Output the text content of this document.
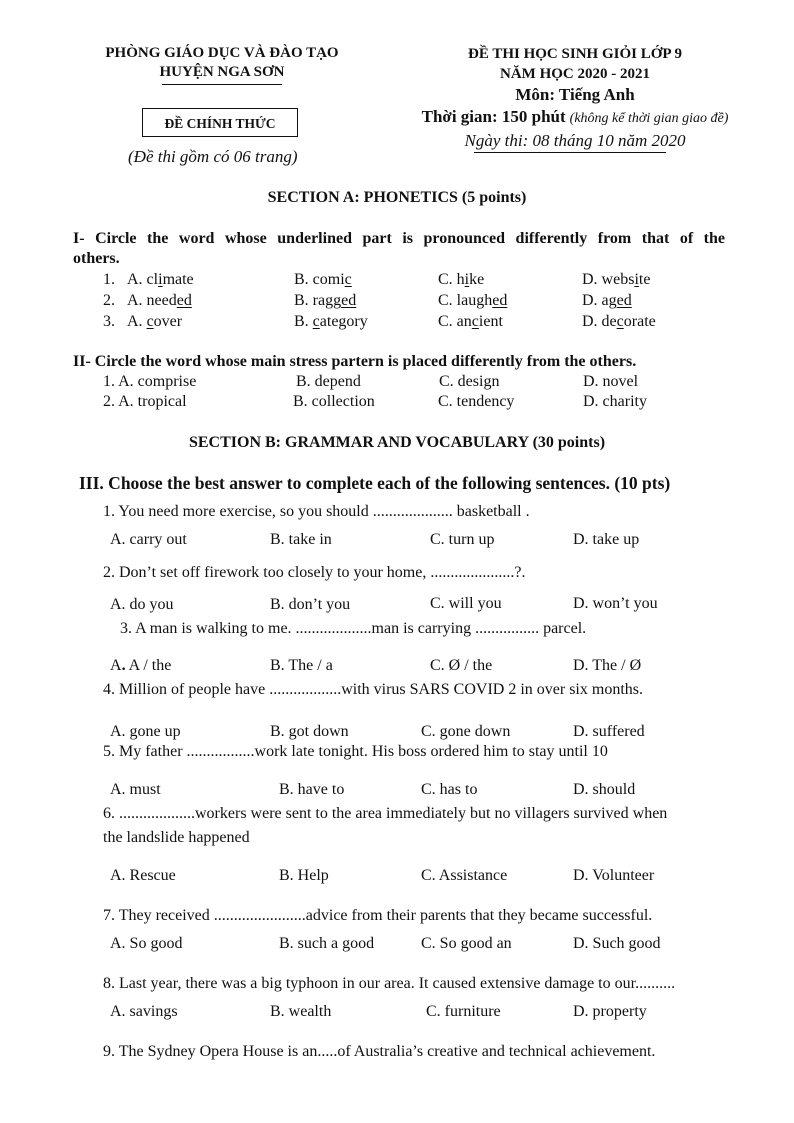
PHÒNG GIÁO DỤC VÀ ĐÀO TẠO
HUYỆN NGA SƠN
ĐỀ CHÍNH THỨC
(Đề thi gồm có 06 trang)
ĐỀ THI HỌC SINH GIỎI LỚP 9
NĂM HỌC 2020 - 2021
Môn: Tiếng Anh
Thời gian: 150 phút (không kể thời gian giao đề)
Ngày thi: 08 tháng 10 năm 2020
SECTION A: PHONETICS (5 points)
I- Circle the word whose underlined part is pronounced differently from that of the
others.
1. A. climate	B. comic	C. hike	D. website
2. A. needed	B. ragged	C. laughed	D. aged
3. A. cover	B. category	C. ancient	D. decorate
II- Circle the word whose main stress partern is placed differently from the others.
1. A. comprise	B. depend	C. design	D. novel
2. A. tropical	B. collection	C. tendency	D. charity
SECTION B: GRAMMAR AND VOCABULARY (30 points)
III. Choose the best answer to complete each of the following sentences. (10 pts)
1. You need more exercise, so you should .................... basketball .
A. carry out	B. take in	C. turn up	D. take up
2. Don’t set off firework too closely to your home, .....................?.
A. do you	B. don’t you	C. will you	D. won’t you
3. A man is walking to me. ...................man is carrying ................ parcel.
A. A / the	B. The / a	C. Ø / the	D. The / Ø
4. Million of people have ..................with virus SARS COVID 2 in over six months.
A. gone up	B. got down	C. gone down	D. suffered
5. My father .................work late tonight. His boss ordered him to stay until 10
A. must	B. have to	C. has to	D. should
6. ...................workers were sent to the area immediately but no villagers survived when
the landslide happened
A. Rescue	B. Help	C. Assistance	D. Volunteer
7. They received .......................advice from their parents that they became successful.
A. So good	B. such a good	C. So good an	D. Such good
8. Last year, there was a big typhoon in our area. It caused extensive damage to our..........
A. savings	B. wealth	C. furniture	D. property
9. The Sydney Opera House is an.....of Australia’s creative and technical achievement.
